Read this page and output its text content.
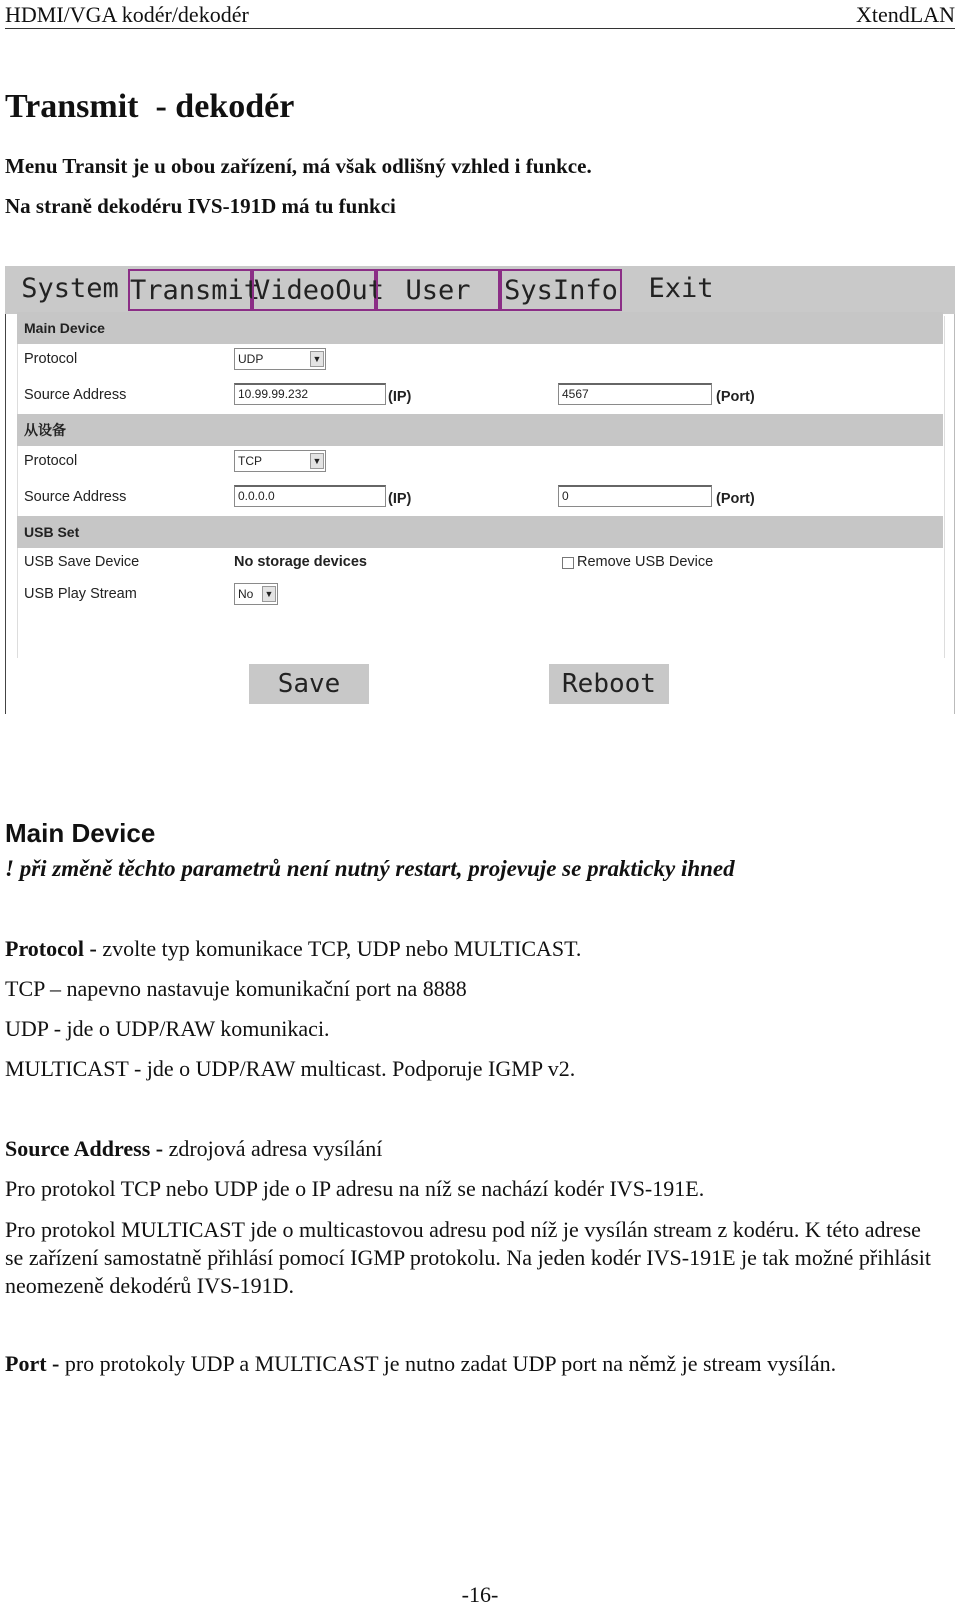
HDMI/VGA kodér/dekodér	XtendLAN
Transmit  - dekodér
Menu Transit je u obou zařízení, má však odlišný vzhled i funkce.
Na straně dekodéru IVS-191D má tu funkci
System Transmit
VideoOut User	SysInfo	Exit
Main Device
Protocol	UDP	▼
Source Address	10.99.99.232	(IP)	4567	(Port)
从设备
Protocol	TCP	▼
Source Address	0.0.0.0	(IP)	0	(Port)
USB Set
USB Save Device	No storage devices	Remove USB Device
USB Play Stream	No ▼
Save	Reboot
Main Device
! při změně těchto parametrů není nutný restart, projevuje se prakticky ihned
Protocol - zvolte typ komunikace TCP, UDP nebo MULTICAST.
TCP – napevno nastavuje komunikační port na 8888
UDP - jde o UDP/RAW komunikaci.
MULTICAST - jde o UDP/RAW multicast. Podporuje IGMP v2.
Source Address - zdrojová adresa vysílání
Pro protokol TCP nebo UDP jde o IP adresu na níž se nachází kodér IVS-191E.
Pro protokol MULTICAST jde o multicastovou adresu pod níž je vysílán stream z kodéru. K této adrese se zařízení samostatně přihlásí pomocí IGMP protokolu. Na jeden kodér IVS-191E je tak možné přihlásit neomezeně dekodérů IVS-191D.
Port - pro protokoly UDP a MULTICAST je nutno zadat UDP port na němž je stream vysílán.
-16-
